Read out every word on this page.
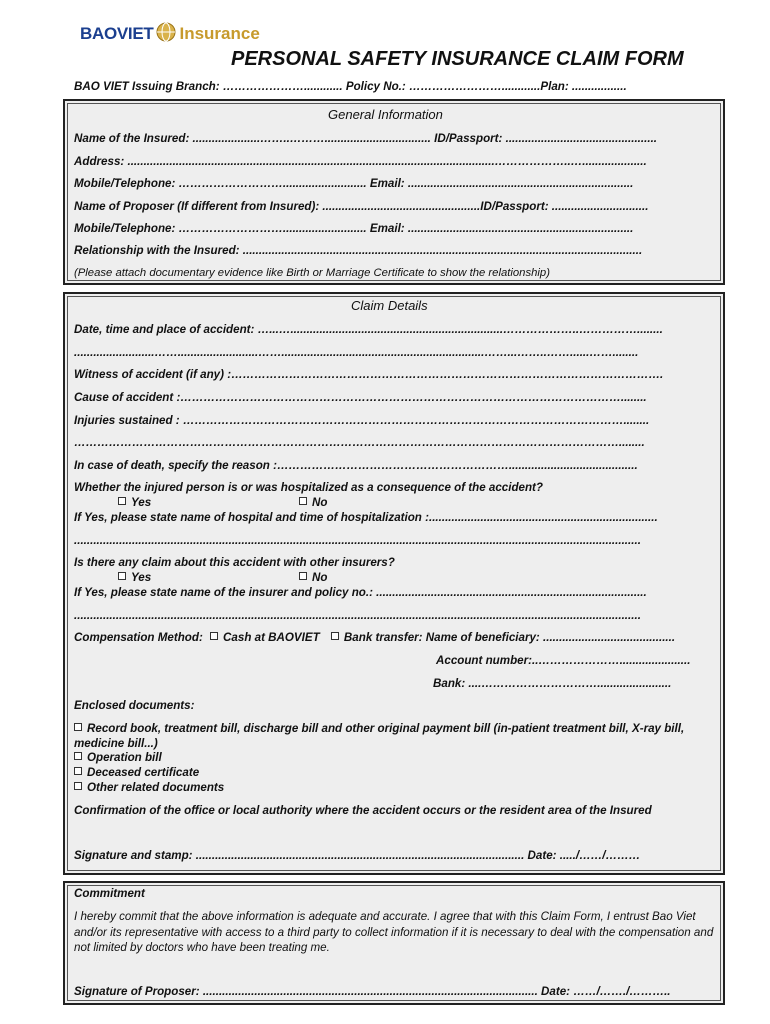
BAOVIET Insurance
PERSONAL SAFETY INSURANCE CLAIM FORM
BAO VIET Issuing Branch: …………………............ Policy No.: ……………………............Plan: .................
General Information
Name of the Insured: .....................……..………................................. ID/Passport: ...............................................
Address: ..................................................................................................................………………..…....................
Mobile/Telephone: ……………………….......................... Email: ......................................................................
Name of Proposer (If different from Insured): .................................................ID/Passport: ..............................
Mobile/Telephone: ……………………….......................... Email: ......................................................................
Relationship with the Insured: ............................................................................................................................
(Please attach documentary evidence like Birth or Marriage Certificate to show the relationship)
Claim Details
Date, time and place of accident: …...…..................................................................………………..……………........
.........................…….........................……...............................................................……...……..……......……........
Witness of accident (if any) :………………………………………………………………………………………………….
Cause of accident :……………………………………………………………………………………………………........
Injuries sustained : ……………………………………………………………………………………………………........
……………………………………………………………………………………………………………………………........
In case of death, specify the reason :……………………………………………………........................................
Whether the injured person is or was hospitalized as a consequence of the accident?
Yes	No
If Yes, please state name of hospital and time of hospitalization :.......................................................................
................................................................................................................................................................................
Is there any claim about this accident with other insurers?
Yes	No
If Yes, please state name of the insurer and policy no.: ....................................................................................
................................................................................................................................................................................
Compensation Method: Cash at BAOVIET Bank transfer: Name of beneficiary: .........................................
Account number:..…………………......................
Bank: ....………………………….......................
Enclosed documents:
Record book, treatment bill, discharge bill and other original payment bill (in-patient treatment bill, X-ray bill, medicine bill...)
Operation bill
Deceased certificate
Other related documents
Confirmation of the office or local authority where the accident occurs or the resident area of the Insured
Signature and stamp: ...................................................................................................... Date: ...../……/………
Commitment
I hereby commit that the above information is adequate and accurate. I agree that with this Claim Form, I entrust Bao Viet and/or its representative with access to a third party to collect information if it is necessary to deal with the compensation and not limited by doctors who have been treating me.
Signature of Proposer: ........................................................................................................ Date: ……/……./………..
